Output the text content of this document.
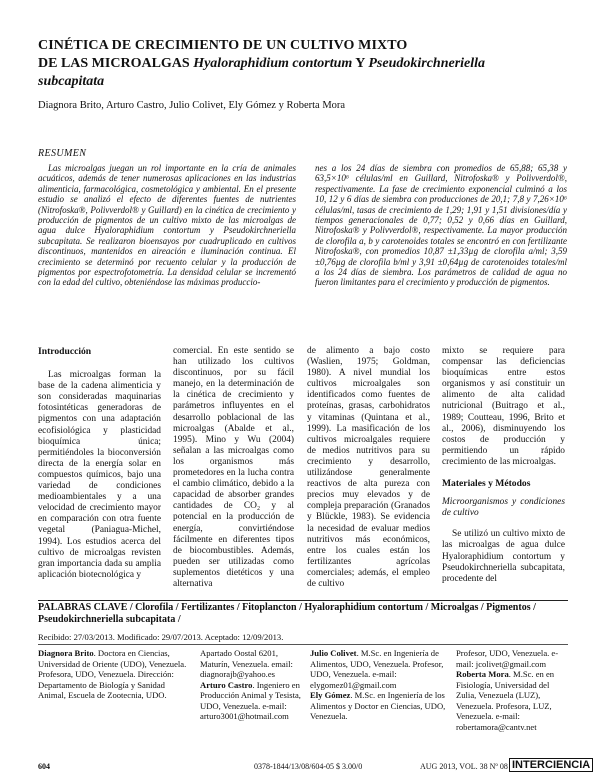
CINÉTICA DE CRECIMIENTO DE UN CULTIVO MIXTO
DE LAS MICROALGAS Hyaloraphidium contortum Y Pseudokirchneriella
subcapitata
Diagnora Brito, Arturo Castro, Julio Colivet, Ely Gómez y Roberta Mora
RESUMEN
Las microalgas juegan un rol importante en la cría de animales acuáticos, además de tener numerosas aplicaciones en las industrias alimenticia, farmacológica, cosmetológica y ambiental. En el presente estudio se analizó el efecto de diferentes fuentes de nutrientes (Nitrofoska®, Polivverdol® y Guillard) en la cinética de crecimiento y producción de pigmentos de un cultivo mixto de las microalgas de agua dulce Hyaloraphidium contortum y Pseudokirchneriella subcapitata. Se realizaron bioensayos por cuadruplicado en cultivos discontinuos, mantenidos en aireación e iluminación continua. El crecimiento se determinó por recuento celular y la producción de pigmentos por espectrofotometría. La densidad celular se incrementó con la edad del cultivo, obteniéndose las máximas produccio-
nes a los 24 días de siembra con promedios de 65,88; 65,38 y 63,5×10⁶ células/ml en Guillard, Nitrofoska® y Polivverdol®, respectivamente. La fase de crecimiento exponencial culminó a los 10, 12 y 6 días de siembra con producciones de 20,1; 7,8 y 7,26×10⁶ células/ml, tasas de crecimiento de 1,29; 1,91 y 1,51 divisiones/día y tiempos generacionales de 0,77; 0,52 y 0,66 días en Guillard, Nitrofoska® y Polivverdol®, respectivamente. La mayor producción de clorofila a, b y carotenoides totales se encontró en con fertilizante Nitrofoska®, con promedios 10,87 ±1,33µg de clorofila a/ml; 3,59 ±0,76µg de clorofila b/ml y 3,91 ±0,64µg de carotenoides totales/ml a los 24 días de siembra. Los parámetros de calidad de agua no fueron limitantes para el crecimiento y producción de pigmentos.

Introducción

Las microalgas forman la base de la cadena alimenticia y son consideradas maquinarias fotosintéticas generadoras de pigmentos con una adaptación ecofisiológica y plasticidad bioquímica única; permitiéndoles la bioconversión directa de la energía solar en compuestos químicos, bajo una variedad de condiciones medioambientales y a una velocidad de crecimiento mayor en comparación con otra fuente vegetal (Paniagua-Michel, 1994). Los estudios acerca del cultivo de microalgas revisten gran importancia dada su amplia aplicación biotecnológica y

comercial. En este sentido se han utilizado los cultivos discontinuos, por su fácil manejo, en la determinación de la cinética de crecimiento y parámetros influyentes en el desarrollo poblacional de las microalgas (Abalde et al., 1995). Mino y Wu (2004) señalan a las microalgas como los organismos más prometedores en la lucha contra el cambio climático, debido a la capacidad de absorber grandes cantidades de CO₂ y al potencial en la producción de energía, convirtiéndose fácilmente en diferentes tipos de biocombustibles. Además, pueden ser utilizadas como suplementos dietéticos y una alternativa

de alimento a bajo costo (Waslien, 1975; Goldman, 1980). A nivel mundial los cultivos microalgales son identificados como fuentes de proteínas, grasas, carbohidratos y vitaminas (Quintana et al., 1999). La masificación de los cultivos microalgales requiere de medios nutritivos para su crecimiento y desarrollo, utilizándose generalmente reactivos de alta pureza con precios muy elevados y de compleja preparación (Granados y Blückle, 1983). Se evidencia la necesidad de evaluar medios nutritivos más económicos, entre los cuales están los fertilizantes agrícolas comerciales; además, el empleo de cultivo

mixto se requiere para compensar las deficiencias bioquímicas entre estos organismos y así constituir un alimento de alta calidad nutricional (Buitrago et al., 1989; Coutteau, 1996, Brito et al., 2006), disminuyendo los costos de producción y permitiendo un rápido crecimiento de las microalgas.

Materiales y Métodos

Microorganismos y condiciones de cultivo

Se utilizó un cultivo mixto de las microalgas de agua dulce Hyaloraphidium contortum y Pseudokirchneriella subcapitata, procedente del

PALABRAS CLAVE / Clorofila / Fertilizantes / Fitoplancton / Hyaloraphidium contortum / Microalgas / Pigmentos / Pseudokirchneriella subcapitata /
Recibido: 27/03/2013. Modificado: 29/07/2013. Aceptado: 12/09/2013.
Diagnora Brito. Doctora en Ciencias, Universidad de Oriente (UDO), Venezuela. Profesora, UDO, Venezuela. Dirección: Departamento de Biología y Sanidad Animal, Escuela de Zootecnia, UDO.
Apartado Oostal 6201, Maturín, Venezuela. email: diagnorajb@yahoo.es
Arturo Castro. Ingeniero en Producción Animal y Tesista, UDO, Venezuela. e-mail: arturo3001@hotmail.com
Julio Colivet. M.Sc. en Ingeniería de Alimentos, UDO, Venezuela. Profesor, UDO, Venezuela. e-mail: elygomez01@gmail.com
Ely Gómez. M.Sc. en Ingeniería de los Alimentos y Doctor en Ciencias, UDO, Venezuela.
Profesor, UDO, Venezuela. e-mail: jcolivet@gmail.com
Roberta Mora. M.Sc. en en Fisiología, Universidad del Zulia, Venezuela (LUZ), Venezuela. Profesora, LUZ, Venezuela. e-mail: robertamora@cantv.net
604	0378-1844/13/08/604-05 $ 3.00/0	AUG 2013, VOL. 38 Nº 08 INTERCIENCIA
